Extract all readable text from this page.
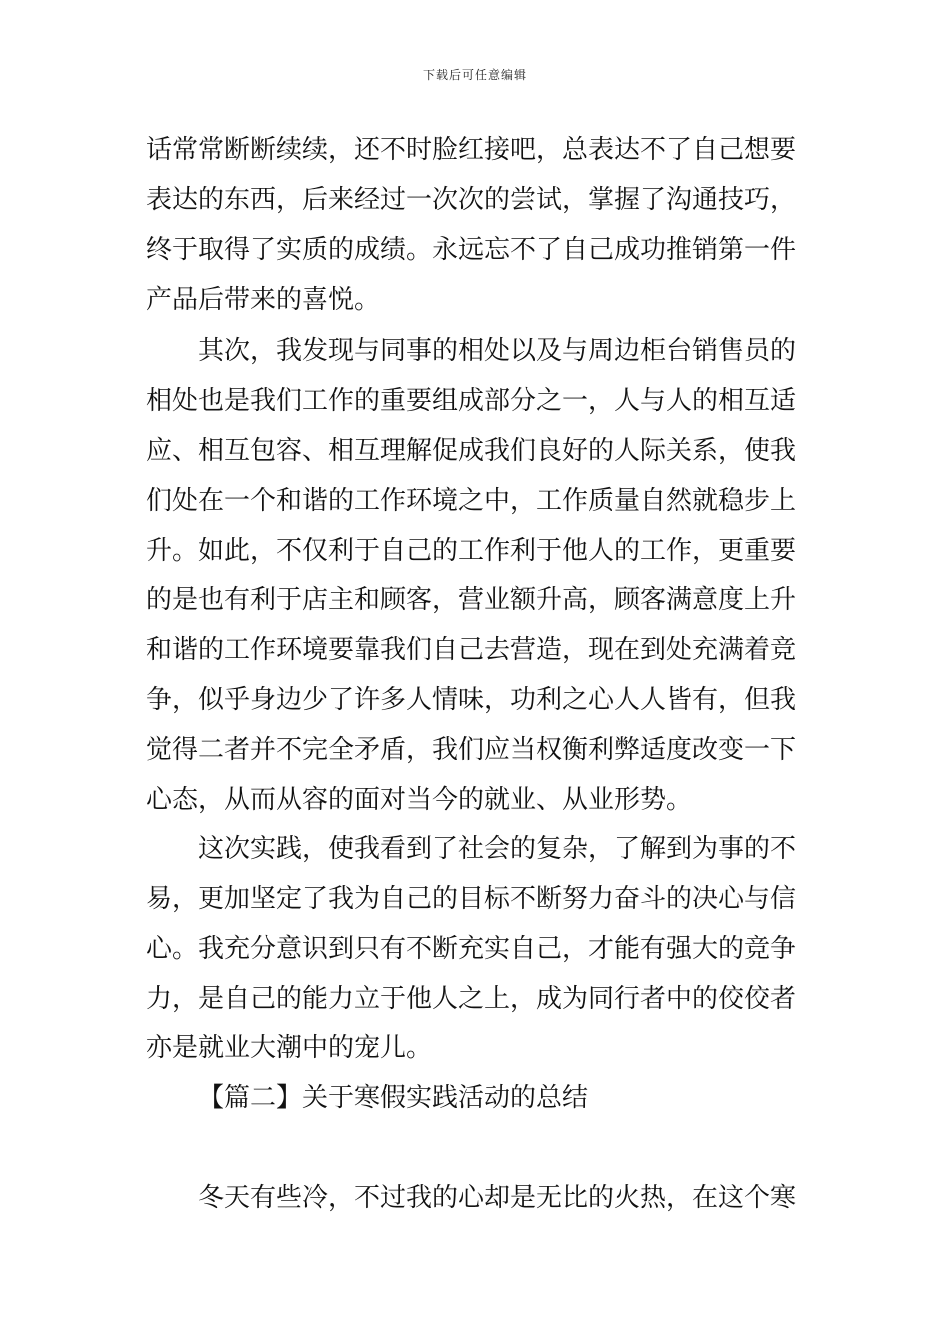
下载后可任意编辑
话常常断断续续，还不时脸红接吧，总表达不了自己想要
表达的东西，后来经过一次次的尝试，掌握了沟通技巧，
终于取得了实质的成绩。永远忘不了自己成功推销第一件
产品后带来的喜悦。
其次，我发现与同事的相处以及与周边柜台销售员的
相处也是我们工作的重要组成部分之一，人与人的相互适
应、相互包容、相互理解促成我们良好的人际关系，使我
们处在一个和谐的工作环境之中，工作质量自然就稳步上
升。如此，不仅利于自己的工作利于他人的工作，更重要
的是也有利于店主和顾客，营业额升高，顾客满意度上升
和谐的工作环境要靠我们自己去营造，现在到处充满着竞
争，似乎身边少了许多人情味，功利之心人人皆有，但我
觉得二者并不完全矛盾，我们应当权衡利弊适度改变一下
心态，从而从容的面对当今的就业、从业形势。
这次实践，使我看到了社会的复杂，了解到为事的不
易，更加坚定了我为自己的目标不断努力奋斗的决心与信
心。我充分意识到只有不断充实自己，才能有强大的竞争
力，是自己的能力立于他人之上，成为同行者中的佼佼者
亦是就业大潮中的宠儿。
【篇二】关于寒假实践活动的总结
冬天有些冷，不过我的心却是无比的火热，在这个寒
